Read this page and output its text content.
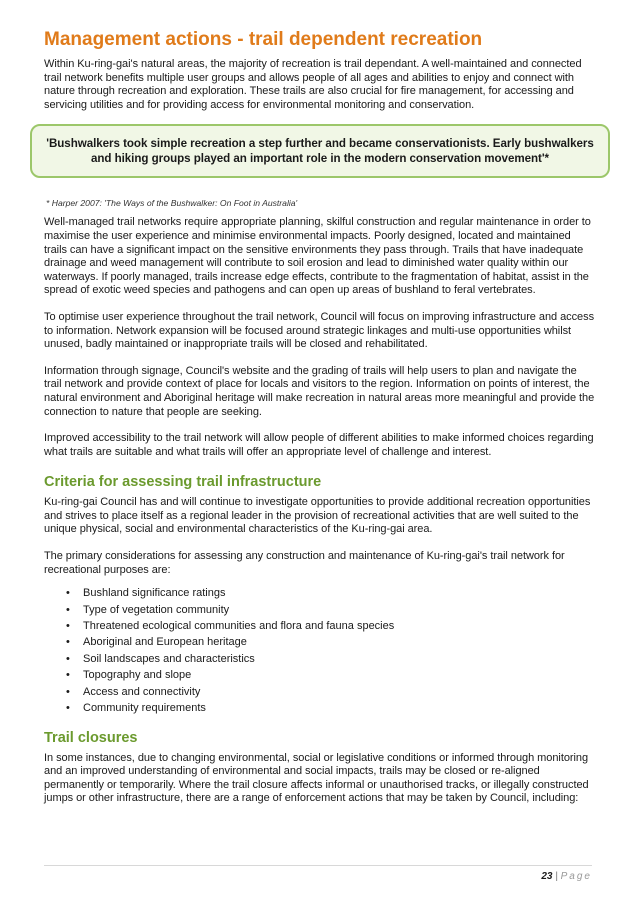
Management actions - trail dependent recreation

Within Ku-ring-gai's natural areas, the majority of recreation is trail dependant. A well-maintained and connected trail network benefits multiple user groups and allows people of all ages and abilities to enjoy and connect with nature through recreation and exploration. These trails are also crucial for fire management, for accessing and servicing utilities and for providing access for environmental monitoring and conservation.

'Bushwalkers took simple recreation a step further and became conservationists. Early bushwalkers and hiking groups played an important role in the modern conservation movement'*

* Harper 2007: 'The Ways of the Bushwalker: On Foot in Australia'

Well-managed trail networks require appropriate planning, skilful construction and regular maintenance in order to maximise the user experience and minimise environmental impacts. Poorly designed, located and maintained trails can have a significant impact on the sensitive environments they pass through. Trails that have inadequate drainage and weed management will contribute to soil erosion and lead to diminished water quality within our waterways. If poorly managed, trails increase edge effects, contribute to the fragmentation of habitat, assist in the spread of exotic weed species and pathogens and can open up areas of bushland to feral vertebrates.

To optimise user experience throughout the trail network, Council will focus on improving infrastructure and access to information. Network expansion will be focused around strategic linkages and multi-use opportunities whilst unused, badly maintained or inappropriate trails will be closed and rehabilitated.

Information through signage, Council's website and the grading of trails will help users to plan and navigate the trail network and provide context of place for locals and visitors to the region. Information on points of interest, the natural environment and Aboriginal heritage will make recreation in natural areas more meaningful and provide the connection to nature that people are seeking.

Improved accessibility to the trail network will allow people of different abilities to make informed choices regarding what trails are suitable and what trails will offer an appropriate level of challenge and interest.

Criteria for assessing trail infrastructure

Ku-ring-gai Council has and will continue to investigate opportunities to provide additional recreation opportunities and strives to place itself as a regional leader in the provision of recreational activities that are well suited to the unique physical, social and environmental characteristics of the Ku-ring-gai area.

The primary considerations for assessing any construction and maintenance of Ku-ring-gai's trail network for recreational purposes are:

• Bushland significance ratings
• Type of vegetation community
• Threatened ecological communities and flora and fauna species
• Aboriginal and European heritage
• Soil landscapes and characteristics
• Topography and slope
• Access and connectivity
• Community requirements
Trail closures

In some instances, due to changing environmental, social or legislative conditions or informed through monitoring and an improved understanding of environmental and social impacts, trails may be closed or re-aligned permanently or temporarily. Where the trail closure affects informal or unauthorised tracks, or illegally constructed jumps or other infrastructure, there are a range of enforcement actions that may be taken by Council, including:

23 | Page
